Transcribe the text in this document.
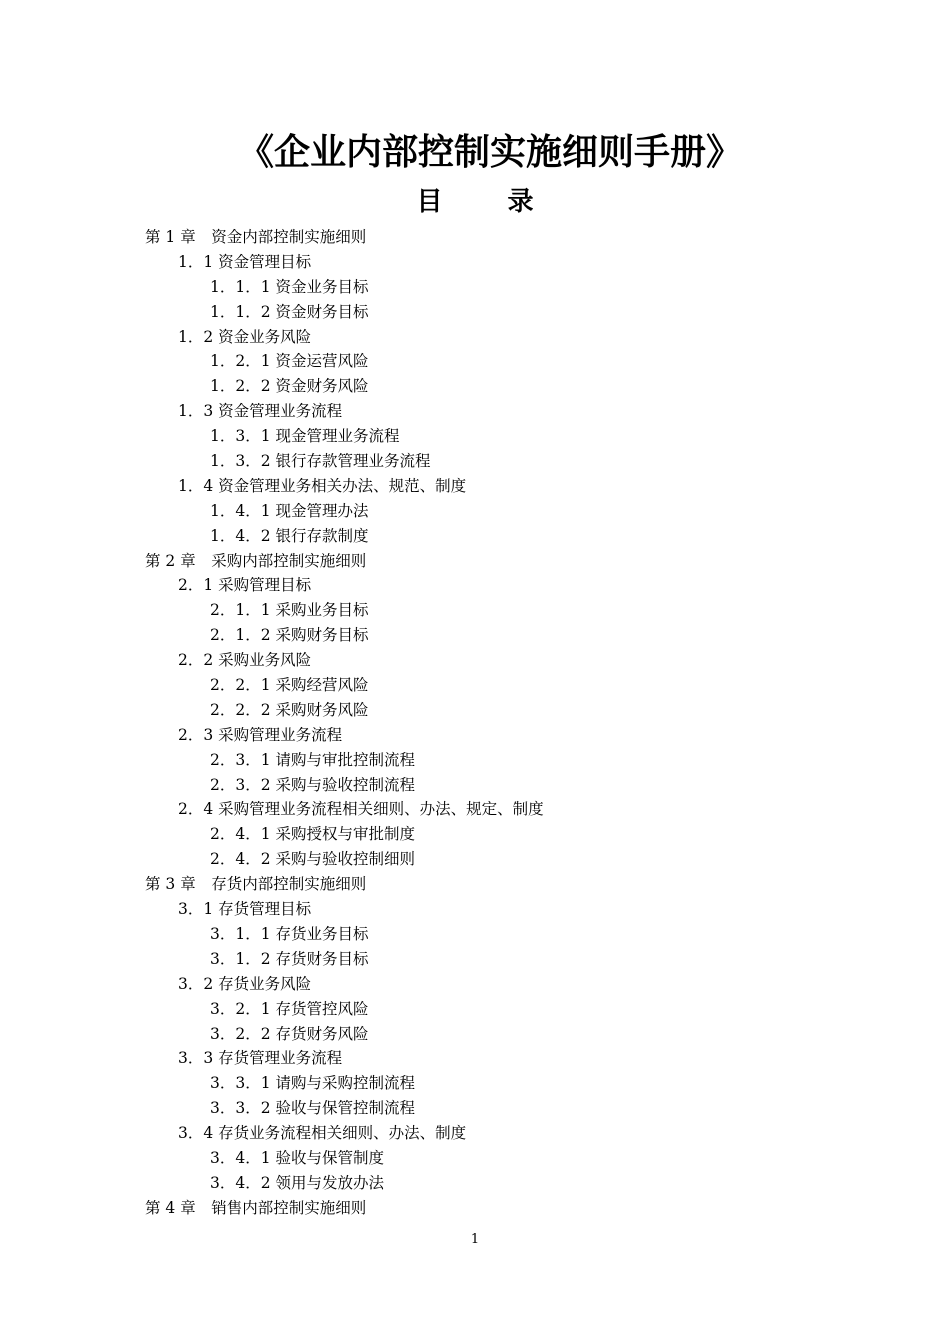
《企业内部控制实施细则手册》
目 录
第 1 章　资金内部控制实施细则
1．1 资金管理目标
1．1．1 资金业务目标
1．1．2 资金财务目标
1．2 资金业务风险
1．2．1 资金运营风险
1．2．2 资金财务风险
1．3 资金管理业务流程
1．3．1 现金管理业务流程
1．3．2 银行存款管理业务流程
1．4 资金管理业务相关办法、规范、制度
1．4．1 现金管理办法
1．4．2 银行存款制度
第 2 章　采购内部控制实施细则
2．1 采购管理目标
2．1．1 采购业务目标
2．1．2 采购财务目标
2．2 采购业务风险
2．2．1 采购经营风险
2．2．2 采购财务风险
2．3 采购管理业务流程
2．3．1 请购与审批控制流程
2．3．2 采购与验收控制流程
2．4 采购管理业务流程相关细则、办法、规定、制度
2．4．1 采购授权与审批制度
2．4．2 采购与验收控制细则
第 3 章　存货内部控制实施细则
3．1 存货管理目标
3．1．1 存货业务目标
3．1．2 存货财务目标
3．2 存货业务风险
3．2．1 存货管控风险
3．2．2 存货财务风险
3．3 存货管理业务流程
3．3．1 请购与采购控制流程
3．3．2 验收与保管控制流程
3．4 存货业务流程相关细则、办法、制度
3．4．1 验收与保管制度
3．4．2 领用与发放办法
第 4 章　销售内部控制实施细则
1
